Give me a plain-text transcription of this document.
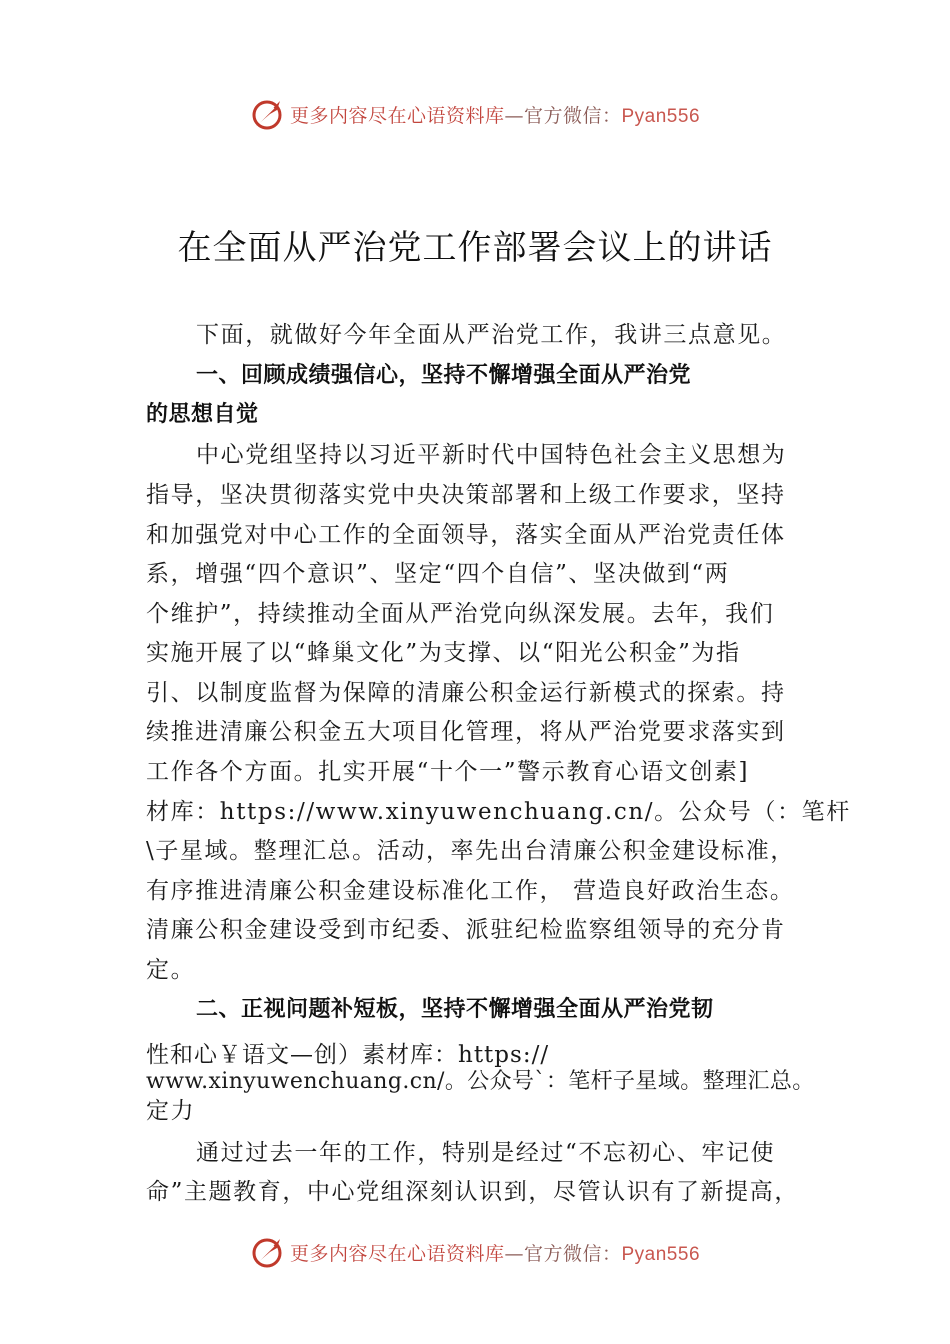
更多内容尽在心语资料库—官方微信：Pyan556
在全面从严治党工作部署会议上的讲话
下面，就做好今年全面从严治党工作，我讲三点意见。
一、回顾成绩强信心，坚持不懈增强全面从严治党
的思想自觉
中心党组坚持以习近平新时代中国特色社会主义思想为
指导，坚决贯彻落实党中央决策部署和上级工作要求，坚持
和加强党对中心工作的全面领导，落实全面从严治党责任体
系，增强“四个意识”、坚定“四个自信”、坚决做到“两
个维护”，持续推动全面从严治党向纵深发展。去年，我们
实施开展了以“蜂巢文化”为支撑、以“阳光公积金”为指
引、以制度监督为保障的清廉公积金运行新模式的探索。持
续推进清廉公积金五大项目化管理，将从严治党要求落实到
工作各个方面。扎实开展“十个一”警示教育心语文创素]
材库：https://www.xinyuwenchuang.cn/。公众号（：笔杆
\子星域。整理汇总。活动，率先出台清廉公积金建设标准，
有序推进清廉公积金建设标准化工作， 营造良好政治生态。
清廉公积金建设受到市纪委、派驻纪检监察组领导的充分肯
定。
二、正视问题补短板，坚持不懈增强全面从严治党韧
性和心￥语文—创）素材库：https://
www.xinyuwenchuang.cn/。公众号`：笔杆子星域。整理汇总。
定力
通过过去一年的工作，特别是经过“不忘初心、牢记使
命”主题教育，中心党组深刻认识到，尽管认识有了新提高，
更多内容尽在心语资料库—官方微信：Pyan556
